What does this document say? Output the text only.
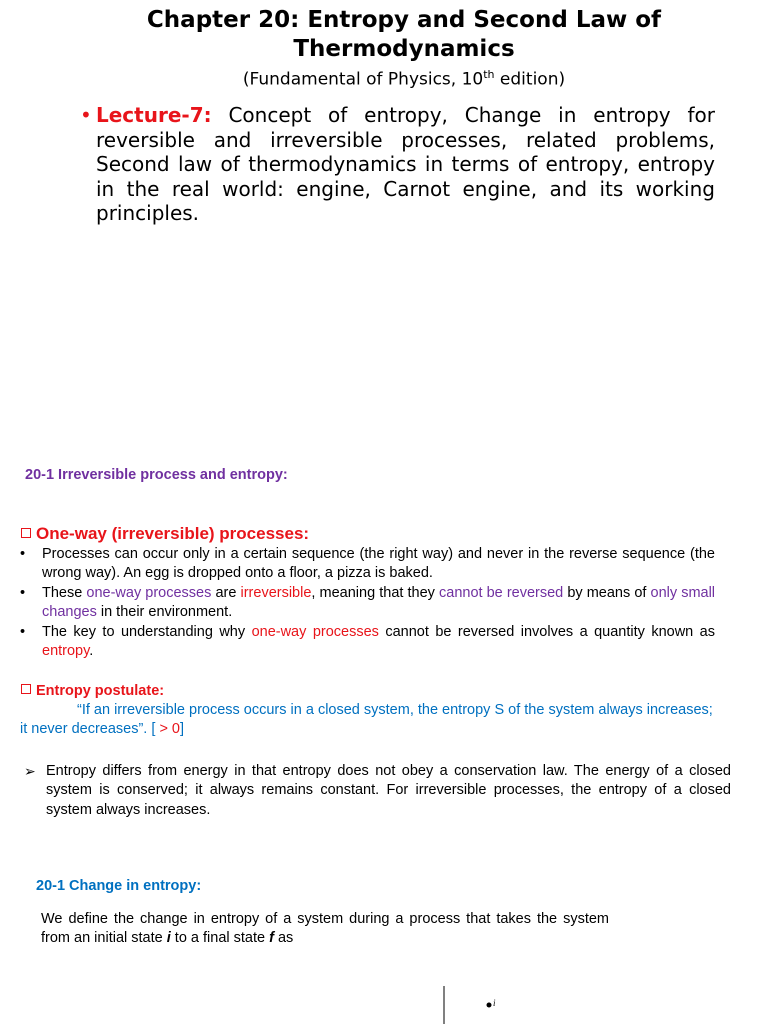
Chapter 20: Entropy and Second Law of
Thermodynamics
(Fundamental of Physics, 10th edition)
• Lecture-7: Concept of entropy, Change in entropy for reversible and irreversible processes, related problems, Second law of thermodynamics in terms of entropy, entropy in the real world: engine, Carnot engine, and its working principles.
20-1 Irreversible process and entropy:
One-way (irreversible) processes:
• Processes can occur only in a certain sequence (the right way) and never in the reverse sequence (the wrong way). An egg is dropped onto a floor, a pizza is baked.
• These one-way processes are irreversible, meaning that they cannot be reversed by means of only small changes in their environment.
• The key to understanding why one-way processes cannot be reversed involves a quantity known as entropy.
Entropy postulate:
“If an irreversible process occurs in a closed system, the entropy S of the system always increases; it never decreases”. [ > 0]
➢ Entropy differs from energy in that entropy does not obey a conservation law. The energy of a closed system is conserved; it always remains constant. For irreversible processes, the entropy of a closed system always increases.
20-1 Change in entropy:
We define the change in entropy of a system during a process that takes the system from an initial state i to a final state f as
i
